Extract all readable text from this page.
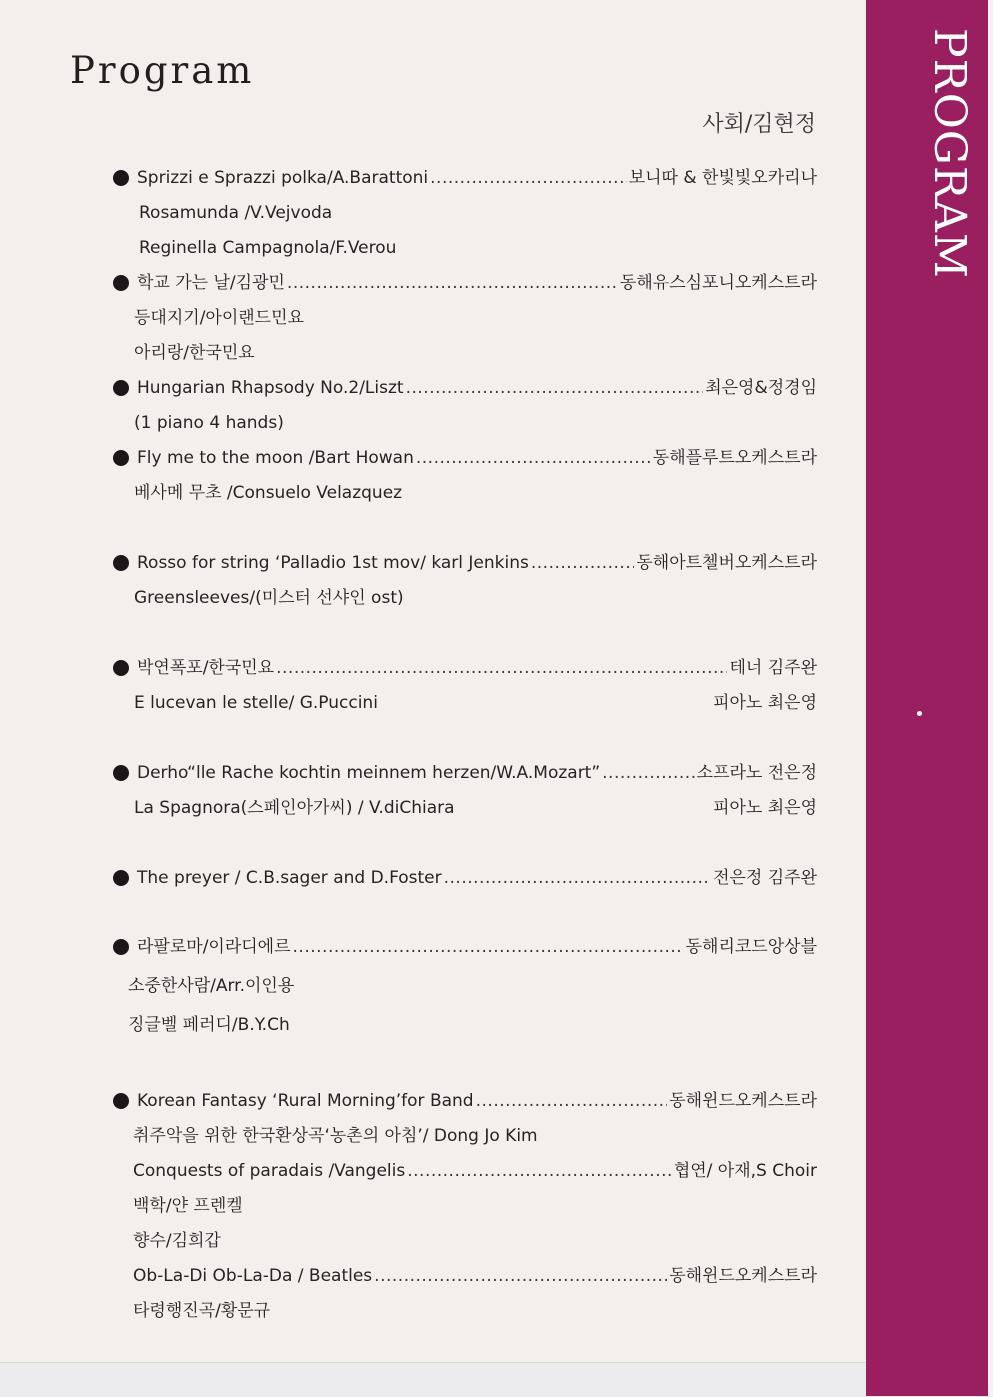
PROGRAM
Program
사회/김현정
Sprizzi e Sprazzi polka/A.Barattoni .....	보니따 & 한빛빛오카리나
Rosamunda /V.Vejvoda
Reginella Campagnola/F.Verou
학교 가는 날/김광민 .....	동해유스심포니오케스트라
등대지기/아이랜드민요
아리랑/한국민요
Hungarian Rhapsody No.2/Liszt .....	최은영&정경임
(1 piano 4 hands)
Fly me to the moon /Bart Howan .....	동해플루트오케스트라
베사메 무초 /Consuelo Velazquez
Rosso for string ‘Palladio 1st mov/ karl Jenkins .....	동해아트첼버오케스트라
Greensleeves/(미스터 선샤인 ost)
박연폭포/한국민요 .....	테너 김주완
E lucevan le stelle/ G.Puccini	피아노 최은영
Derho“lle Rache kochtin meinnem herzen/W.A.Mozart” .....	소프라노 전은정
La Spagnora(스페인아가씨) / V.diChiara	피아노 최은영
The preyer / C.B.sager and D.Foster .....	전은정 김주완
라팔로마/이라디에르 .....	동해리코드앙상블
소중한사람/Arr.이인용
징글벨 페러디/B.Y.Ch
Korean Fantasy ‘Rural Morning’for Band .....	동해윈드오케스트라
취주악을 위한 한국환상곡‘농촌의 아침’/ Dong Jo Kim
Conquests of paradais /Vangelis .....	협연/ 아재,S Choir
백학/얀 프렌켈
향수/김희갑
Ob-La-Di Ob-La-Da / Beatles .....	동해윈드오케스트라
타령행진곡/황문규
